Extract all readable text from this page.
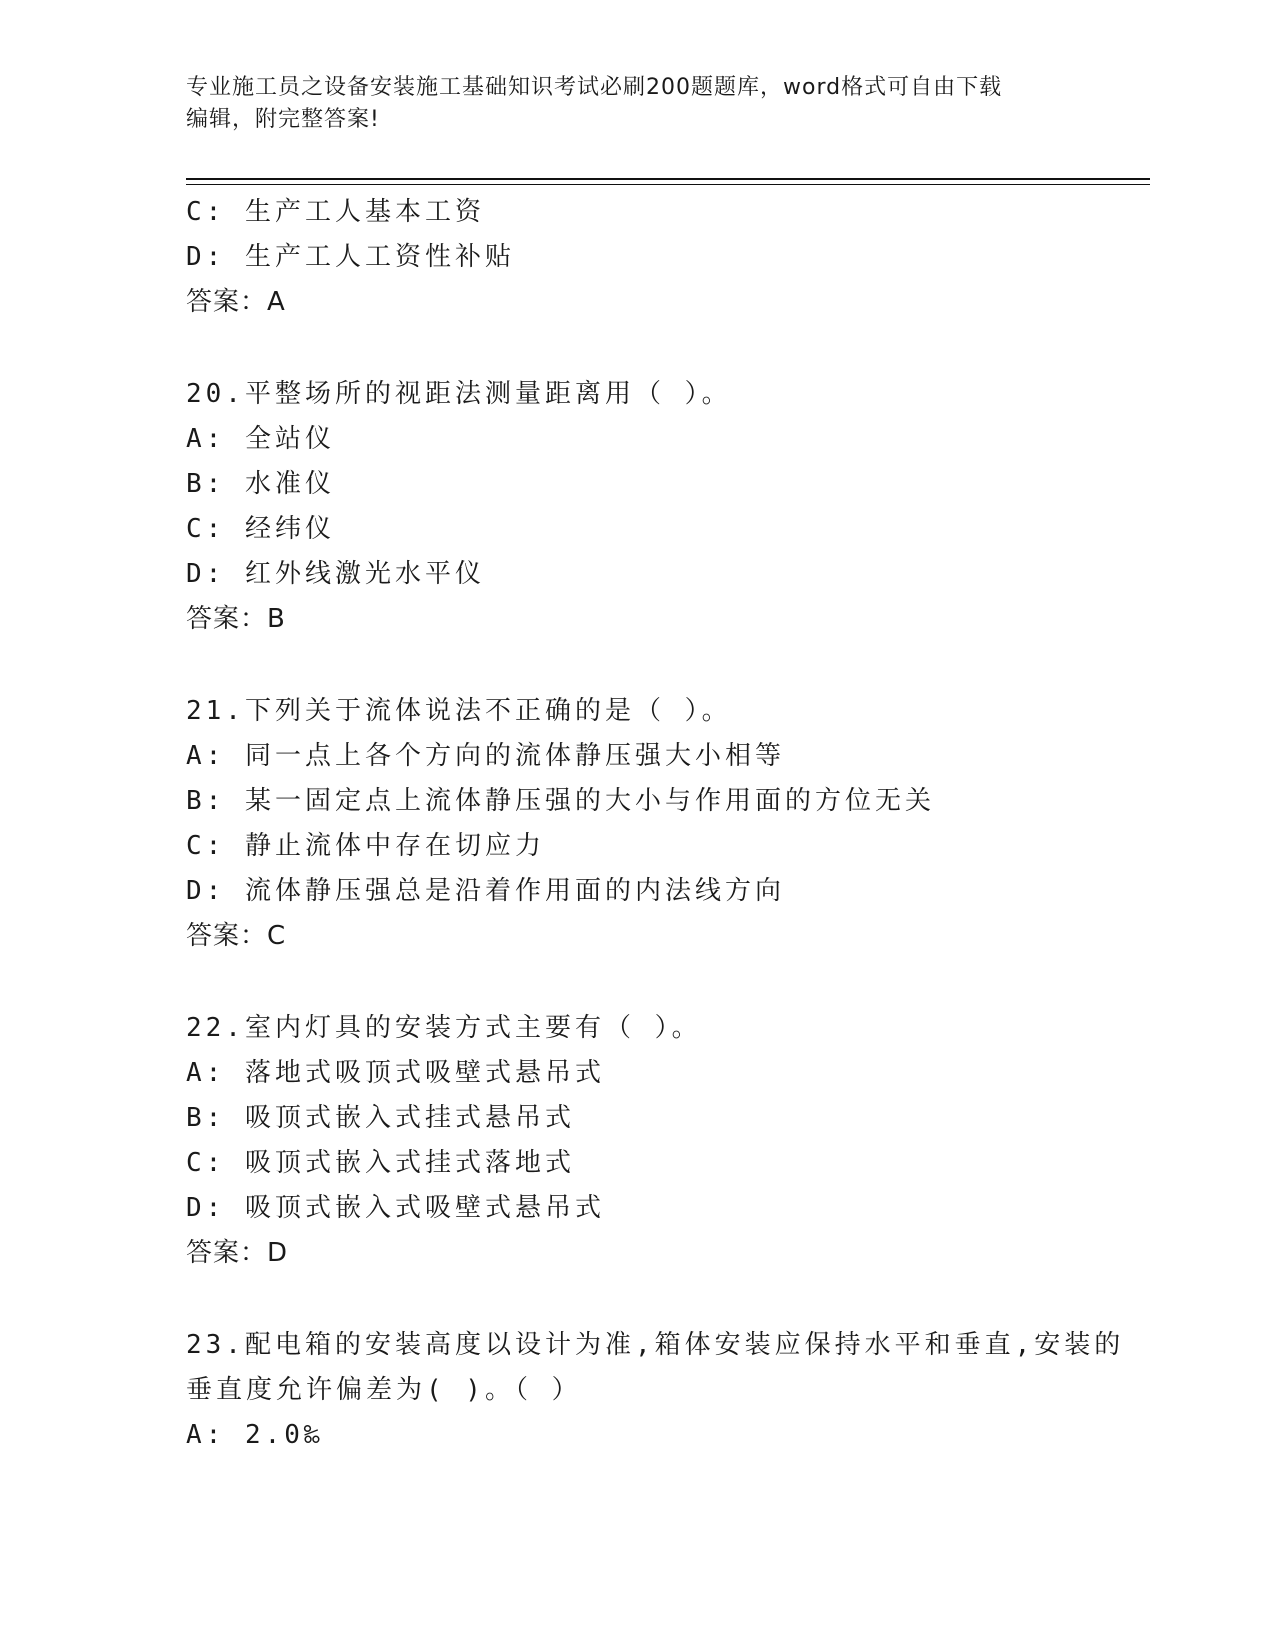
专业施工员之设备安装施工基础知识考试必刷200题题库，word格式可自由下载
编辑，附完整答案!
C: 生产工人基本工资
D: 生产工人工资性补贴
答案：A
20.平整场所的视距法测量距离用（ ）。
A: 全站仪
B: 水准仪
C: 经纬仪
D: 红外线激光水平仪
答案：B
21.下列关于流体说法不正确的是（ ）。
A: 同一点上各个方向的流体静压强大小相等
B: 某一固定点上流体静压强的大小与作用面的方位无关
C: 静止流体中存在切应力
D: 流体静压强总是沿着作用面的内法线方向
答案：C
22.室内灯具的安装方式主要有（ ）。
A: 落地式吸顶式吸壁式悬吊式
B: 吸顶式嵌入式挂式悬吊式
C: 吸顶式嵌入式挂式落地式
D: 吸顶式嵌入式吸壁式悬吊式
答案：D
23.配电箱的安装高度以设计为准,箱体安装应保持水平和垂直,安装的
垂直度允许偏差为( )。（ ）
A: 2.0‰
